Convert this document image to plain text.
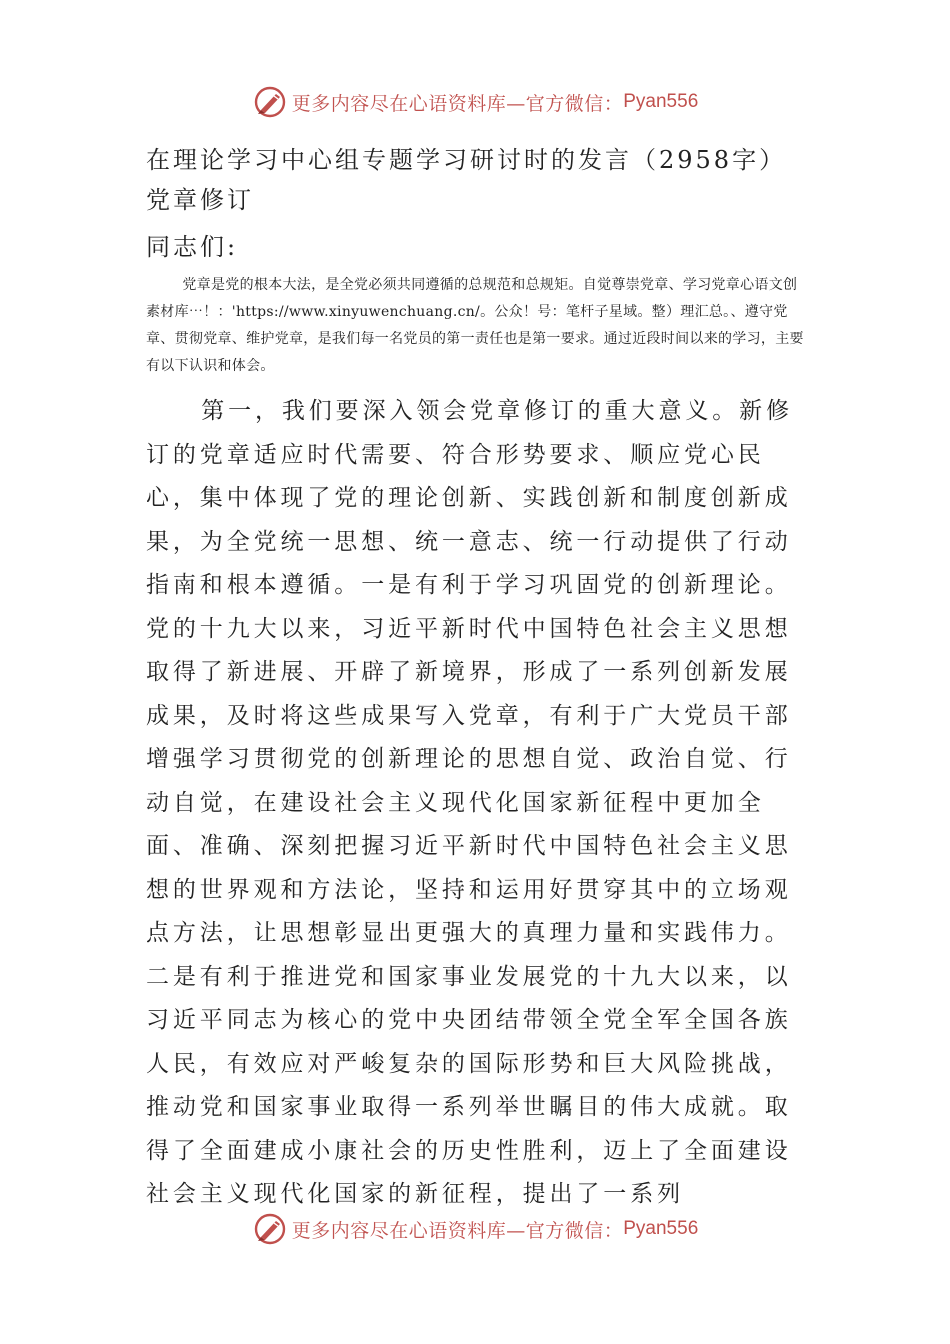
更多内容尽在心语资料库—官方微信： Pyan556
在理论学习中心组专题学习研讨时的发言（2958字）党章修订
同志们:

党章是党的根本大法，是全党必须共同遵循的总规范和总规矩。自觉尊崇党章、学习党章心语文创素材库⋯！：'https://www.xinyuwenchuang.cn/。公众！号：笔杆子星域。整）理汇总。、遵守党章、贯彻党章、维护党章，是我们每一名党员的第一责任也是第一要求。通过近段时间以来的学习，主要有以下认识和体会。

第一，我们要深入领会党章修订的重大意义。新修订的党章适应时代需要、符合形势要求、顺应党心民心，集中体现了党的理论创新、实践创新和制度创新成果，为全党统一思想、统一意志、统一行动提供了行动指南和根本遵循。一是有利于学习巩固党的创新理论。党的十九大以来，习近平新时代中国特色社会主义思想取得了新进展、开辟了新境界，形成了一系列创新发展成果，及时将这些成果写入党章，有利于广大党员干部增强学习贯彻党的创新理论的思想自觉、政治自觉、行动自觉，在建设社会主义现代化国家新征程中更加全面、准确、深刻把握习近平新时代中国特色社会主义思想的世界观和方法论，坚持和运用好贯穿其中的立场观点方法，让思想彰显出更强大的真理力量和实践伟力。二是有利于推进党和国家事业发展党的十九大以来，以习近平同志为核心的党中央团结带领全党全军全国各族人民，有效应对严峻复杂的国际形势和巨大风险挑战，推动党和国家事业取得一系列举世瞩目的伟大成就。取得了全面建成小康社会的历史性胜利，迈上了全面建设社会主义现代化国家的新征程，提出了一系列

更多内容尽在心语资料库—官方微信： Pyan556
